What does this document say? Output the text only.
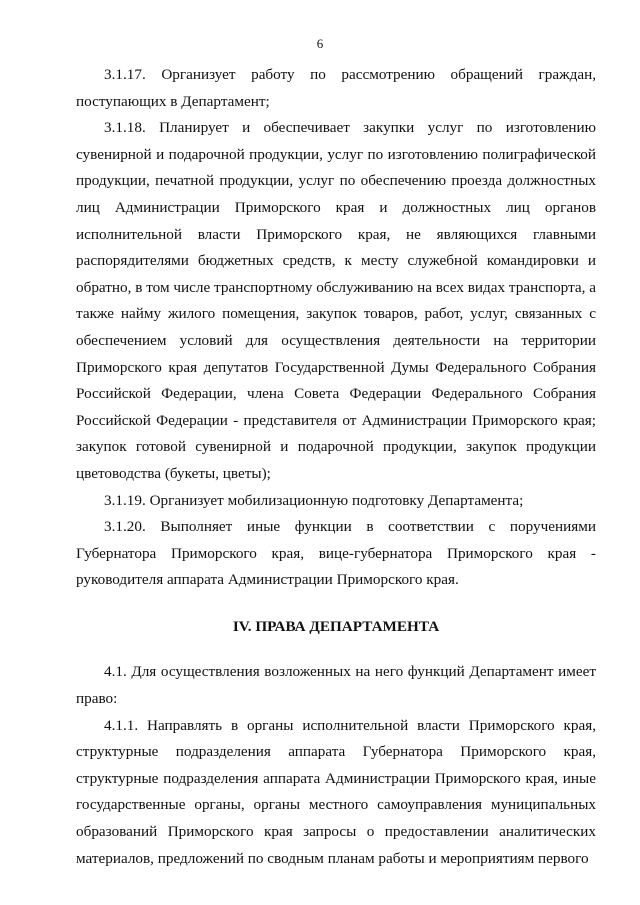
6

3.1.17. Организует работу по рассмотрению обращений граждан, поступающих в Департамент;

3.1.18. Планирует и обеспечивает закупки услуг по изготовлению сувенирной и подарочной продукции, услуг по изготовлению полиграфической продукции, печатной продукции, услуг по обеспечению проезда должностных лиц Администрации Приморского края и должностных лиц органов исполнительной власти Приморского края, не являющихся главными распорядителями бюджетных средств, к месту служебной командировки и обратно, в том числе транспортному обслуживанию на всех видах транспорта, а также найму жилого помещения, закупок товаров, работ, услуг, связанных с обеспечением условий для осуществления деятельности на территории Приморского края депутатов Государственной Думы Федерального Собрания Российской Федерации, члена Совета Федерации Федерального Собрания Российской Федерации - представителя от Администрации Приморского края; закупок готовой сувенирной и подарочной продукции, закупок продукции цветоводства (букеты, цветы);

3.1.19. Организует мобилизационную подготовку Департамента;

3.1.20. Выполняет иные функции в соответствии с поручениями Губернатора Приморского края, вице-губернатора Приморского края - руководителя аппарата Администрации Приморского края.

IV. ПРАВА ДЕПАРТАМЕНТА

4.1. Для осуществления возложенных на него функций Департамент имеет право:

4.1.1. Направлять в органы исполнительной власти Приморского края, структурные подразделения аппарата Губернатора Приморского края, структурные подразделения аппарата Администрации Приморского края, иные государственные органы, органы местного самоуправления муниципальных образований Приморского края запросы о предоставлении аналитических материалов, предложений по сводным планам работы и мероприятиям первого
